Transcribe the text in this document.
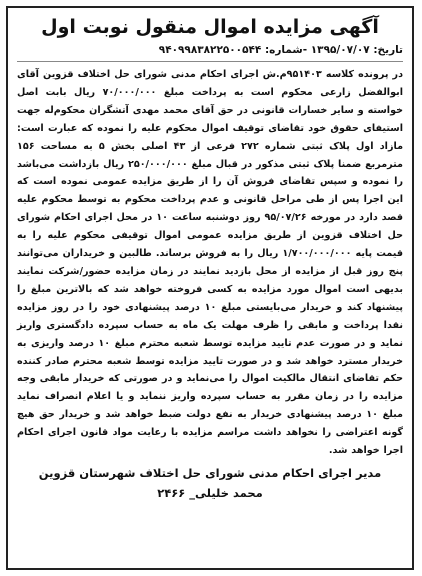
آگهی مزایده اموال منقول نوبت اول
تاریخ: ۱۳۹۵/۰۷/۰۷ -شماره: ۹۴۰۹۹۸۳۸۲۲۵۰۰۵۴۴

در پرونده کلاسه ۹۵۱۴۰۳م.ش اجرای احکام مدنی شورای حل اختلاف قزوین آقای ابوالفضل زارعی محکوم است به پرداخت مبلغ ۷۰/۰۰۰/۰۰۰ ریال بابت اصل خواسته و سایر خسارات قانونی در حق آقای محمد مهدی آتشگران محکوم‌له جهت استیفای حقوق خود تقاضای توقیف اموال محکوم علیه را نموده که عبارت است: مازاد اول پلاک ثبتی شماره ۲۷۲ فرعی از ۴۳ اصلی بخش ۵ به مساحت ۱۵۶ مترمربع ضمنا پلاک ثبتی مذکور در قبال مبلغ ۲۵۰/۰۰۰/۰۰۰ ریال بازداشت می‌باشد را نموده و سپس تقاضای فروش آن را از طریق مزایده عمومی نموده است که این اجرا پس از طی مراحل قانونی و عدم پرداخت محکوم به توسط محکوم علیه قصد دارد در مورخه ۹۵/۰۷/۲۶ روز دوشنبه ساعت ۱۰ در محل اجرای احکام شورای حل اختلاف قزوین از طریق مزایده عمومی اموال توقیفی محکوم علیه را به قیمت پایه ۱/۷۰۰/۰۰۰/۰۰۰ ریال را به فروش برساند. طالبین و خریداران می‌توانند پنج روز قبل از مزایده از محل بازدید نمایند در زمان مزایده حضور/شرکت نمایند بدیهی است اموال مورد مزایده به کسی فروخته خواهد شد که بالاترین مبلغ را پیشنهاد کند و خریدار می‌بایستی مبلغ ۱۰ درصد پیشنهادی خود را در روز مزایده نقدا پرداخت و مابقی را ظرف مهلت یک ماه به حساب سپرده دادگستری واریز نماید و در صورت عدم تایید مزایده توسط شعبه محترم مبلغ ۱۰ درصد واریزی به خریدار مسترد خواهد شد و در صورت تایید مزایده توسط شعبه محترم صادر کننده حکم تقاضای انتقال مالکیت اموال را می‌نماید و در صورتی که خریدار مابقی وجه مزایده را در زمان مقرر به حساب سپرده واریز ننماید و یا اعلام انصراف نماید مبلغ ۱۰ درصد پیشنهادی خریدار به نفع دولت ضبط خواهد شد و خریدار حق هیچ گونه اعتراضی را نخواهد داشت مراسم مزایده با رعایت مواد قانون اجرای احکام اجرا خواهد شد.

مدیر اجرای احکام مدنی شورای حل اختلاف شهرستان قزوین
محمد خلیلی_ ۲۴۶۶
